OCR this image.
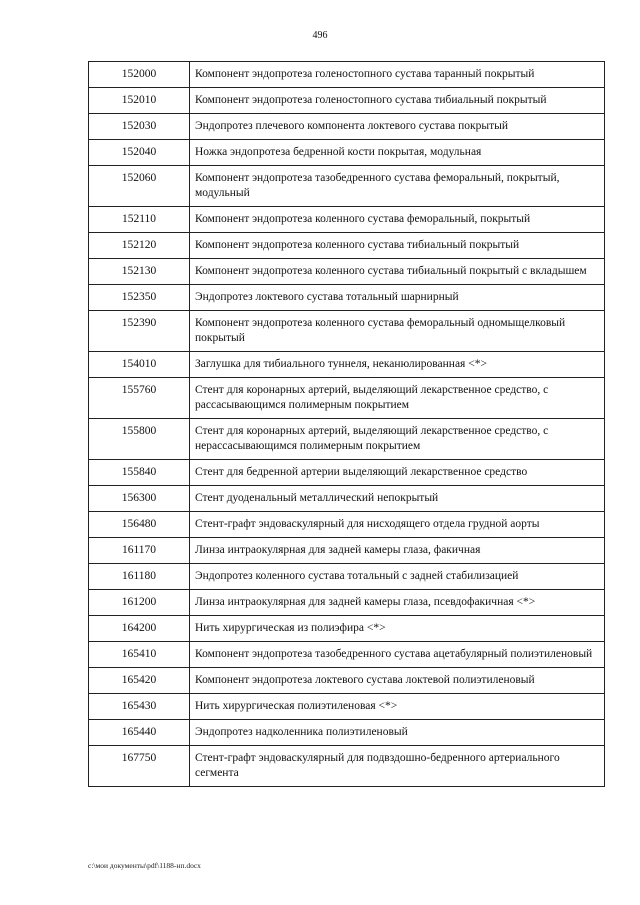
496
152000	Компонент эндопротеза голеностопного сустава таранный покрытый
152010	Компонент эндопротеза голеностопного сустава тибиальный покрытый
152030	Эндопротез плечевого компонента локтевого сустава покрытый
152040	Ножка эндопротеза бедренной кости покрытая, модульная
152060	Компонент эндопротеза тазобедренного сустава феморальный, покрытый, модульный
152110	Компонент эндопротеза коленного сустава феморальный, покрытый
152120	Компонент эндопротеза коленного сустава тибиальный покрытый
152130	Компонент эндопротеза коленного сустава тибиальный покрытый с вкладышем
152350	Эндопротез локтевого сустава тотальный шарнирный
152390	Компонент эндопротеза коленного сустава феморальный одномыщелковый покрытый
154010	Заглушка для тибиального туннеля, неканюлированная <*>
155760	Стент для коронарных артерий, выделяющий лекарственное средство, с рассасывающимся полимерным покрытием
155800	Стент для коронарных артерий, выделяющий лекарственное средство, с нерассасывающимся полимерным покрытием
155840	Стент для бедренной артерии выделяющий лекарственное средство
156300	Стент дуоденальный металлический непокрытый
156480	Стент-графт эндоваскулярный для нисходящего отдела грудной аорты
161170	Линза интраокулярная для задней камеры глаза, факичная
161180	Эндопротез коленного сустава тотальный с задней стабилизацией
161200	Линза интраокулярная для задней камеры глаза, псевдофакичная <*>
164200	Нить хирургическая из полиэфира <*>
165410	Компонент эндопротеза тазобедренного сустава ацетабулярный полиэтиленовый
165420	Компонент эндопротеза локтевого сустава локтевой полиэтиленовый
165430	Нить хирургическая полиэтиленовая <*>
165440	Эндопротез надколенника полиэтиленовый
167750	Стент-графт эндоваскулярный для подвздошно-бедренного артериального сегмента
c:\мои документы\pdf\1188-нп.docx
